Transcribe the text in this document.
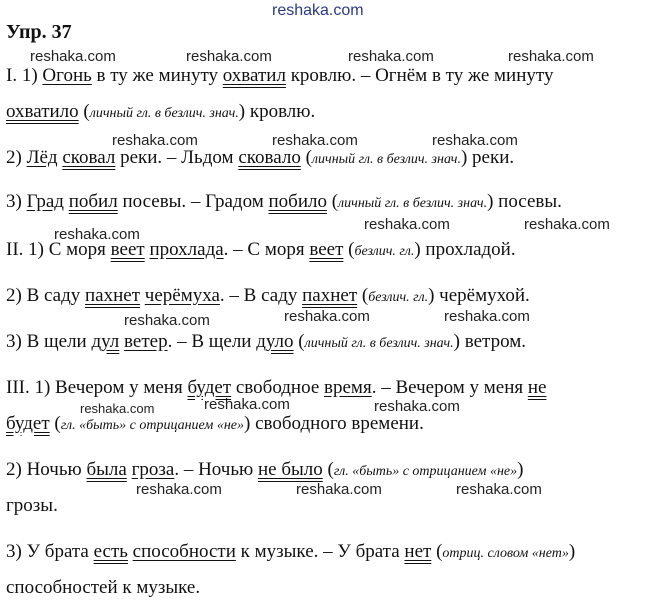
reshaka.com
Упр. 37
reshaka.com	reshaka.com	reshaka.com	reshaka.com
reshaka.com	reshaka.com	reshaka.com
reshaka.com	reshaka.com
reshaka.com
reshaka.com	reshaka.com	reshaka.com
reshaka.com	reshaka.com	reshaka.com
reshaka.com	reshaka.com	reshaka.com
I. 1) Огонь в ту же минуту охватил кровлю. – Огнём в ту же минуту
охватило (личный гл. в безлич. знач.) кровлю.
2) Лёд сковал реки. – Льдом сковало (личный гл. в безлич. знач.) реки.
3) Град побил посевы. – Градом побило (личный гл. в безлич. знач.) посевы.
II. 1) С моря веет прохлада. – С моря веет (безлич. гл.) прохладой.
2) В саду пахнет черёмуха. – В саду пахнет (безлич. гл.) черёмухой.
3) В щели дул ветер. – В щели дуло (личный гл. в безлич. знач.) ветром.
III. 1) Вечером у меня будет свободное время. – Вечером у меня не
будет (гл. «быть» с отрицанием «не») свободного времени.
2) Ночью была гроза. – Ночью не было (гл. «быть» с отрицанием «не»)
грозы.
3) У брата есть способности к музыке. – У брата нет (отриц. словом «нет»)
способностей к музыке.
